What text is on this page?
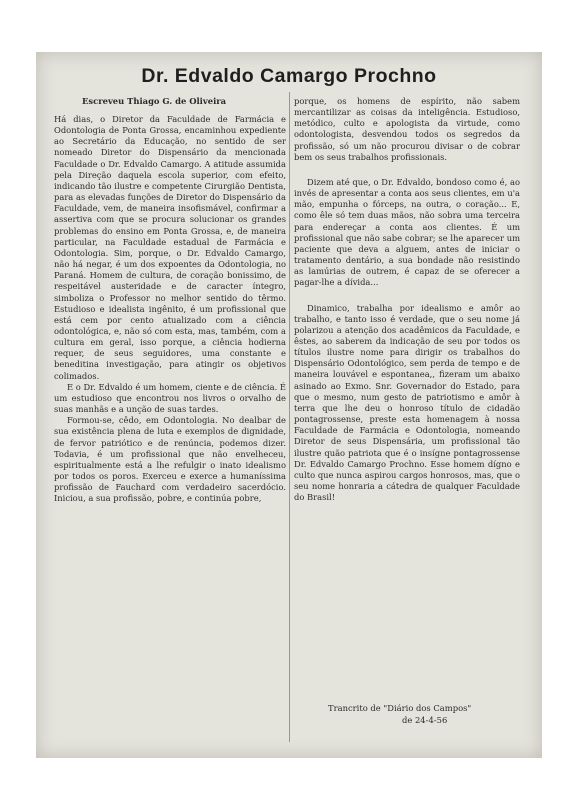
Dr. Edvaldo Camargo Prochno
Escreveu Thiago G. de Oliveira

Há dias, o Diretor da Faculdade de Farmácia e Odontologia de Ponta Grossa, encaminhou expediente ao Secretário da Educação, no sentido de ser nomeado Diretor do Dispensário da mencionada Faculdade o Dr. Edvaldo Camargo. A atitude assumida pela Direção daquela escola superior, com efeito, indicando tão ilustre e competente Cirurgião Dentista, para as elevadas funções de Diretor do Dispensário da Faculdade, vem, de maneira insofismável, confirmar a assertiva com que se procura solucionar os grandes problemas do ensino em Ponta Grossa, e, de maneira particular, na Faculdade estadual de Farmácia e Odontologia. Sim, porque, o Dr. Edvaldo Camargo, não há negar, é um dos expoentes da Odontologia, no Paraná. Homem de cultura, de coração bonissimo, de respeitável austeridade e de caracter íntegro, simboliza o Professor no melhor sentido do têrmo. Estudioso e idealista ingênito, é um profissional que está cem por cento atualizado com a ciência odontológica, e, não só com esta, mas, também, com a cultura em geral, isso porque, a ciência hodierna requer, de seus seguidores, uma constante e beneditina investigação, para atingir os objetivos colimados.

E o Dr. Edvaldo é um homem, ciente e de ciência. É um estudioso que encontrou nos livros o orvalho de suas manhãs e a unção de suas tardes.

Formou-se, cêdo, em Odontologia. No dealbar de sua existência plena de luta e exemplos de dignidade, de fervor patriótico e de renúncia, podemos dizer. Todavia, é um profissional que não envelheceu, espiritualmente está a lhe refulgir o inato idealismo por todos os poros. Exerceu e exerce a humaníssima profissão de Fauchard com verdadeiro sacerdócio. Iniciou, a sua profissão, pobre, e continúa pobre,

porque, os homens de espírito, não sabem mercantilizar as coisas da inteligência. Estudioso, metódico, culto e apologista da virtude, como odontologista, desvendou todos os segredos da profissão, só um não procurou divisar o de cobrar bem os seus trabalhos profissionais.

Dizem até que, o Dr. Edvaldo, bondoso como é, ao invés de apresentar a conta aos seus clientes, em u'a mão, empunha o fórceps, na outra, o coração... E, como êle só tem duas mãos, não sobra uma terceira para endereçar a conta aos clientes. É um profissional que não sabe cobrar; se lhe aparecer um paciente que deva a alguem, antes de iniciar o tratamento dentário, a sua bondade não resistindo as lamúrias de outrem, é capaz de se oferecer a pagar-lhe a dívida...

Dinamico, trabalha por idealismo e amôr ao trabalho, e tanto isso é verdade, que o seu nome já polarizou a atenção dos acadêmicos da Faculdade, e êstes, ao saberem da indicação de seu por todos os títulos ilustre nome para dirigir os trabalhos do Dispensário Odontológico, sem perda de tempo e de maneira louvável e espontanea,, fizeram um abaixo asinado ao Exmo. Snr. Governador do Estado, para que o mesmo, num gesto de patriotismo e amôr à terra que lhe deu o honroso título de cidadão pontagrossense, preste esta homenagem à nossa Faculdade de Farmácia e Odontologia, nomeando Diretor de seus Dispensária, um profissional tão ilustre quão patriota que é o insígne pontagrossense Dr. Edvaldo Camargo Prochno. Esse homem dígno e culto que nunca aspirou cargos honrosos, mas, que o seu nome honraria a cátedra de qualquer Faculdade do Brasil!

Trancrito de "Diário dos Campos"
de 24-4-56
